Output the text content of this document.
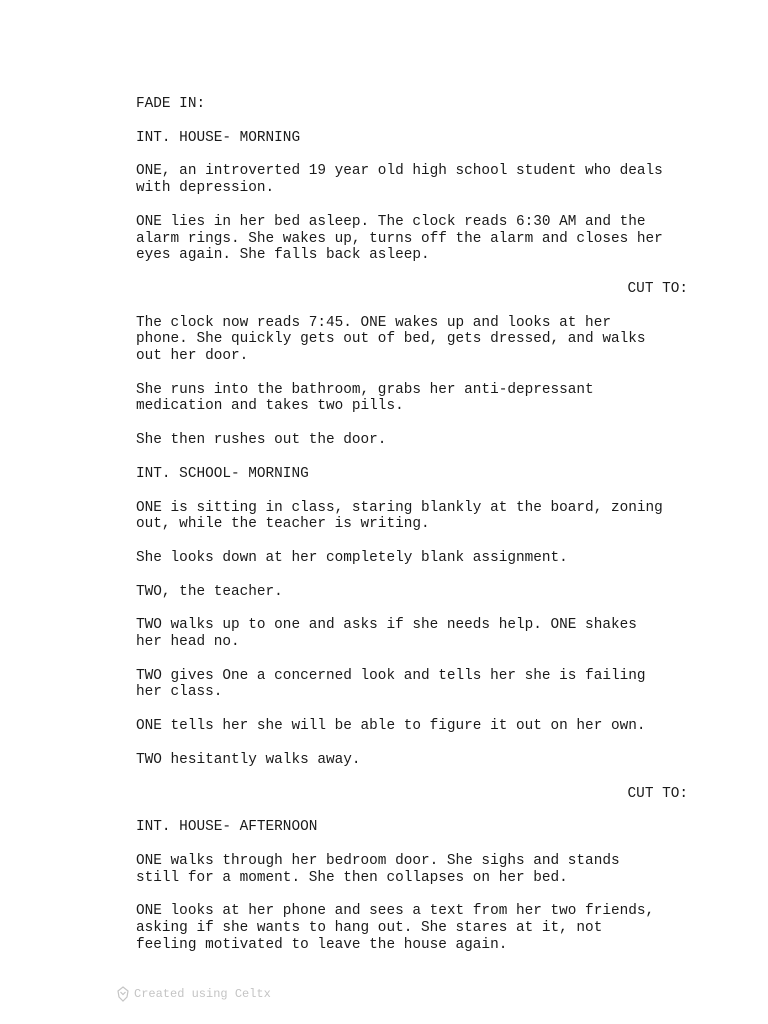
FADE IN:
INT. HOUSE- MORNING
ONE, an introverted 19 year old high school student who deals
with depression.
ONE lies in her bed asleep. The clock reads 6:30 AM and the
alarm rings. She wakes up, turns off the alarm and closes her
eyes again. She falls back asleep.
CUT TO:
The clock now reads 7:45. ONE wakes up and looks at her
phone. She quickly gets out of bed, gets dressed, and walks
out her door.
She runs into the bathroom, grabs her anti-depressant
medication and takes two pills.
She then rushes out the door.
INT. SCHOOL- MORNING
ONE is sitting in class, staring blankly at the board, zoning
out, while the teacher is writing.
She looks down at her completely blank assignment.
TWO, the teacher.
TWO walks up to one and asks if she needs help. ONE shakes
her head no.
TWO gives One a concerned look and tells her she is failing
her class.
ONE tells her she will be able to figure it out on her own.
TWO hesitantly walks away.
CUT TO:
INT. HOUSE- AFTERNOON
ONE walks through her bedroom door. She sighs and stands
still for a moment. She then collapses on her bed.
ONE looks at her phone and sees a text from her two friends,
asking if she wants to hang out. She stares at it, not
feeling motivated to leave the house again.
Created using Celtx
